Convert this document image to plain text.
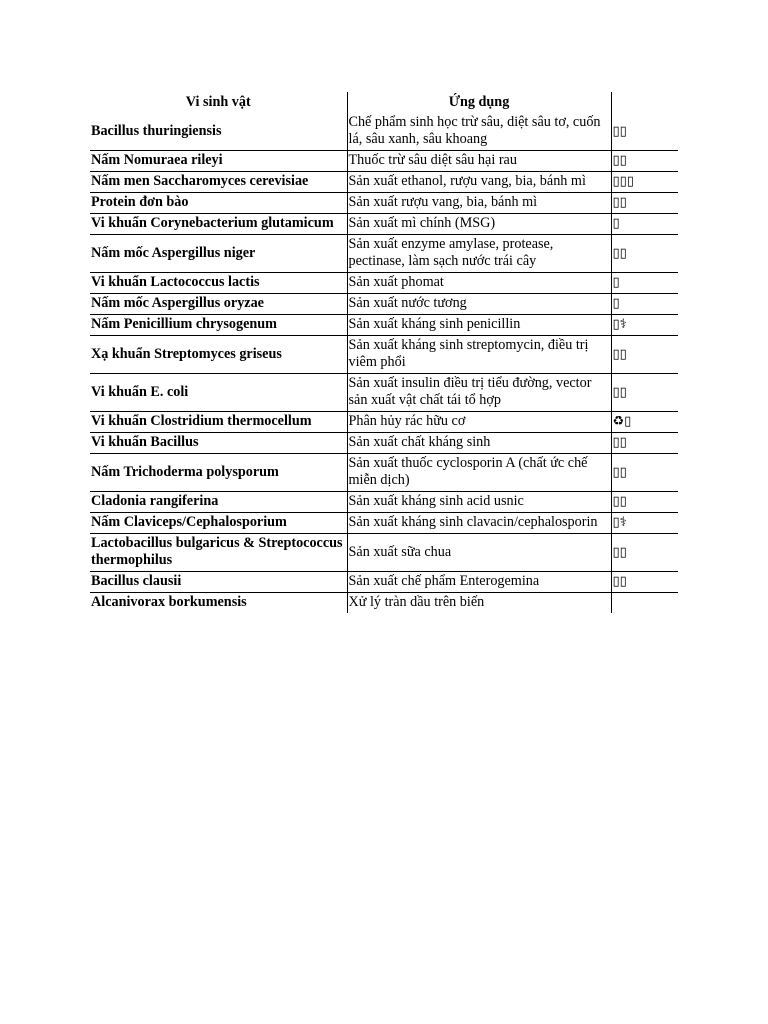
Vi sinh vật	Ứng dụng	
Bacillus thuringiensis	Chế phẩm sinh học trừ sâu, diệt sâu tơ, cuốn lá, sâu xanh, sâu khoang	▯▯
Nấm Nomuraea rileyi	Thuốc trừ sâu diệt sâu hại rau	▯▯
Nấm men Saccharomyces cerevisiae	Sản xuất ethanol, rượu vang, bia, bánh mì	▯▯▯
Protein đơn bào	Sản xuất rượu vang, bia, bánh mì	▯▯
Vi khuẩn Corynebacterium glutamicum	Sản xuất mì chính (MSG)	▯
Nấm mốc Aspergillus niger	Sản xuất enzyme amylase, protease, pectinase, làm sạch nước trái cây	▯▯
Vi khuẩn Lactococcus lactis	Sản xuất phomat	▯
Nấm mốc Aspergillus oryzae	Sản xuất nước tương	▯
Nấm Penicillium chrysogenum	Sản xuất kháng sinh penicillin	▯⚕
Xạ khuẩn Streptomyces griseus	Sản xuất kháng sinh streptomycin, điều trị viêm phổi	▯▯
Vi khuẩn E. coli	Sản xuất insulin điều trị tiểu đường, vector sản xuất vật chất tái tổ hợp	▯▯
Vi khuẩn Clostridium thermocellum	Phân hủy rác hữu cơ	♻▯
Vi khuẩn Bacillus	Sản xuất chất kháng sinh	▯▯
Nấm Trichoderma polysporum	Sản xuất thuốc cyclosporin A (chất ức chế miễn dịch)	▯▯
Cladonia rangiferina	Sản xuất kháng sinh acid usnic	▯▯
Nấm Claviceps/Cephalosporium	Sản xuất kháng sinh clavacin/cephalosporin	▯⚕
Lactobacillus bulgaricus & Streptococcus thermophilus	Sản xuất sữa chua	▯▯
Bacillus clausii	Sản xuất chế phẩm Enterogemina	▯▯
Alcanivorax borkumensis	Xử lý tràn dầu trên biến	
